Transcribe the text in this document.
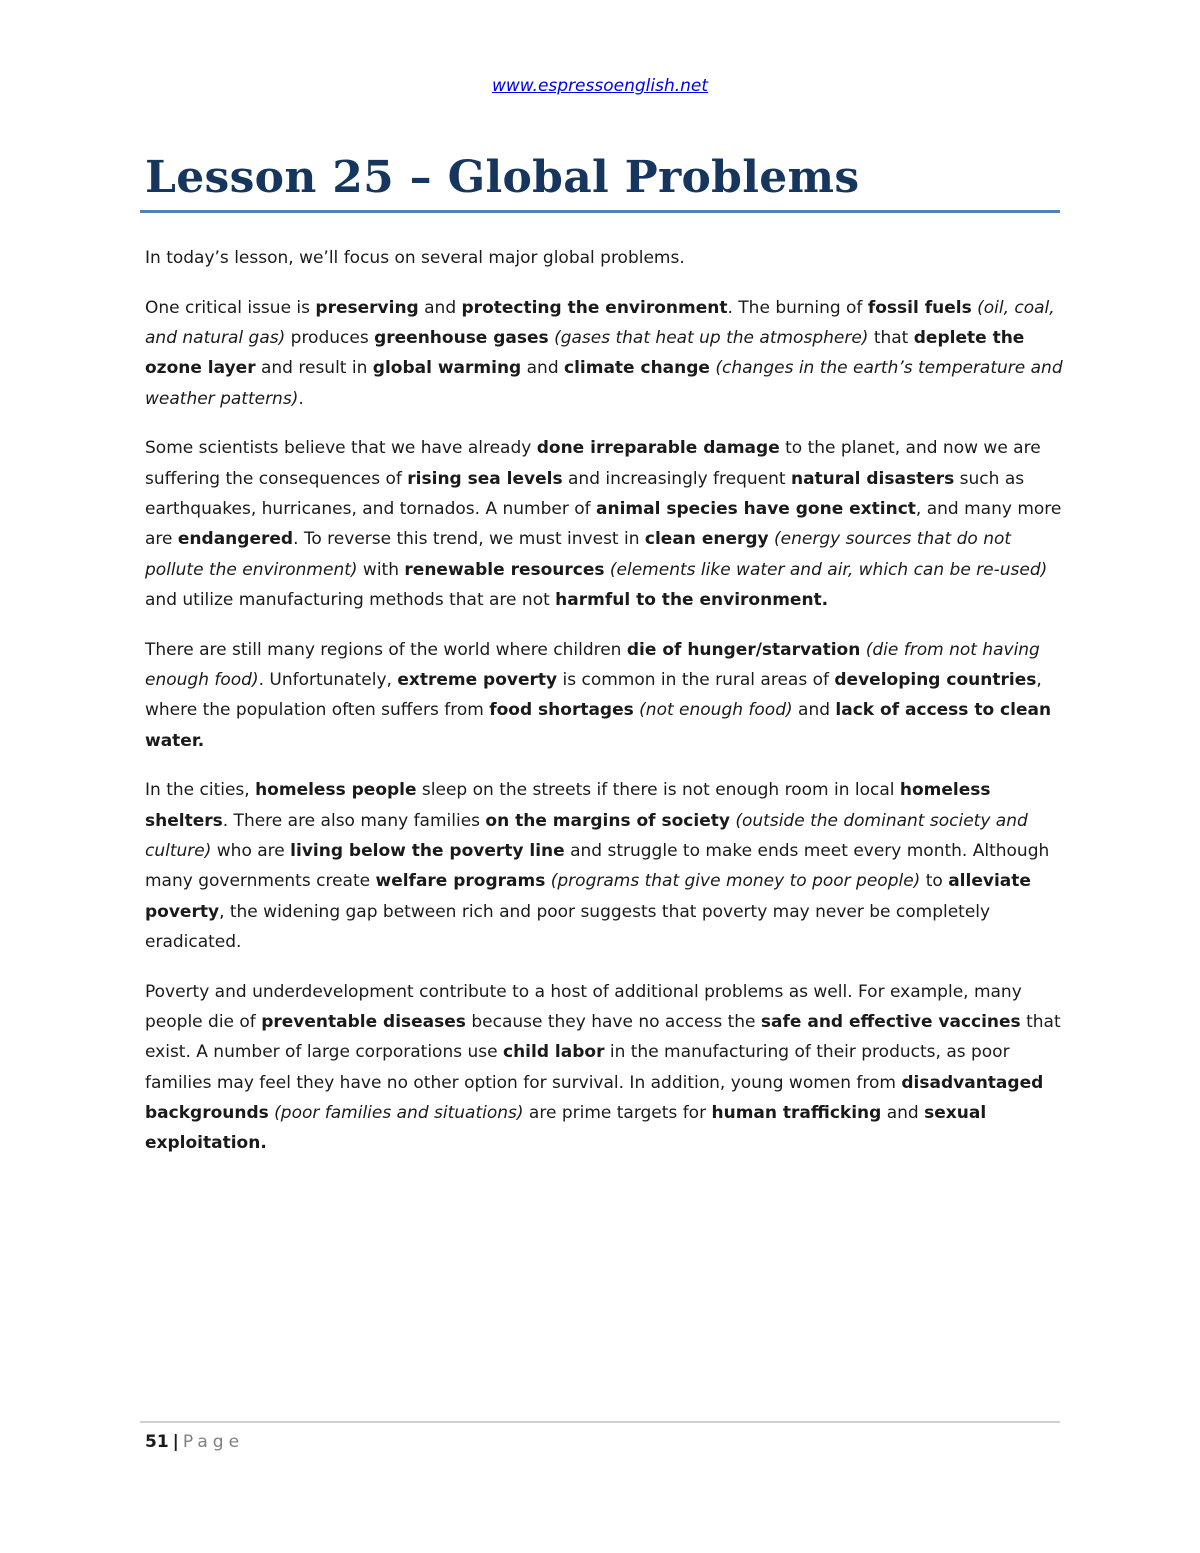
www.espressoenglish.net
Lesson 25 – Global Problems

In today’s lesson, we’ll focus on several major global problems.

One critical issue is preserving and protecting the environment. The burning of fossil fuels (oil, coal, and natural gas) produces greenhouse gases (gases that heat up the atmosphere) that deplete the ozone layer and result in global warming and climate change (changes in the earth’s temperature and weather patterns).

Some scientists believe that we have already done irreparable damage to the planet, and now we are suffering the consequences of rising sea levels and increasingly frequent natural disasters such as earthquakes, hurricanes, and tornados. A number of animal species have gone extinct, and many more are endangered. To reverse this trend, we must invest in clean energy (energy sources that do not pollute the environment) with renewable resources (elements like water and air, which can be re-used) and utilize manufacturing methods that are not harmful to the environment.

There are still many regions of the world where children die of hunger/starvation (die from not having enough food). Unfortunately, extreme poverty is common in the rural areas of developing countries, where the population often suffers from food shortages (not enough food) and lack of access to clean water.

In the cities, homeless people sleep on the streets if there is not enough room in local homeless shelters. There are also many families on the margins of society (outside the dominant society and culture) who are living below the poverty line and struggle to make ends meet every month. Although many governments create welfare programs (programs that give money to poor people) to alleviate poverty, the widening gap between rich and poor suggests that poverty may never be completely eradicated.

Poverty and underdevelopment contribute to a host of additional problems as well. For example, many people die of preventable diseases because they have no access the safe and effective vaccines that exist. A number of large corporations use child labor in the manufacturing of their products, as poor families may feel they have no other option for survival. In addition, young women from disadvantaged backgrounds (poor families and situations) are prime targets for human trafficking and sexual exploitation.

51 | Page
